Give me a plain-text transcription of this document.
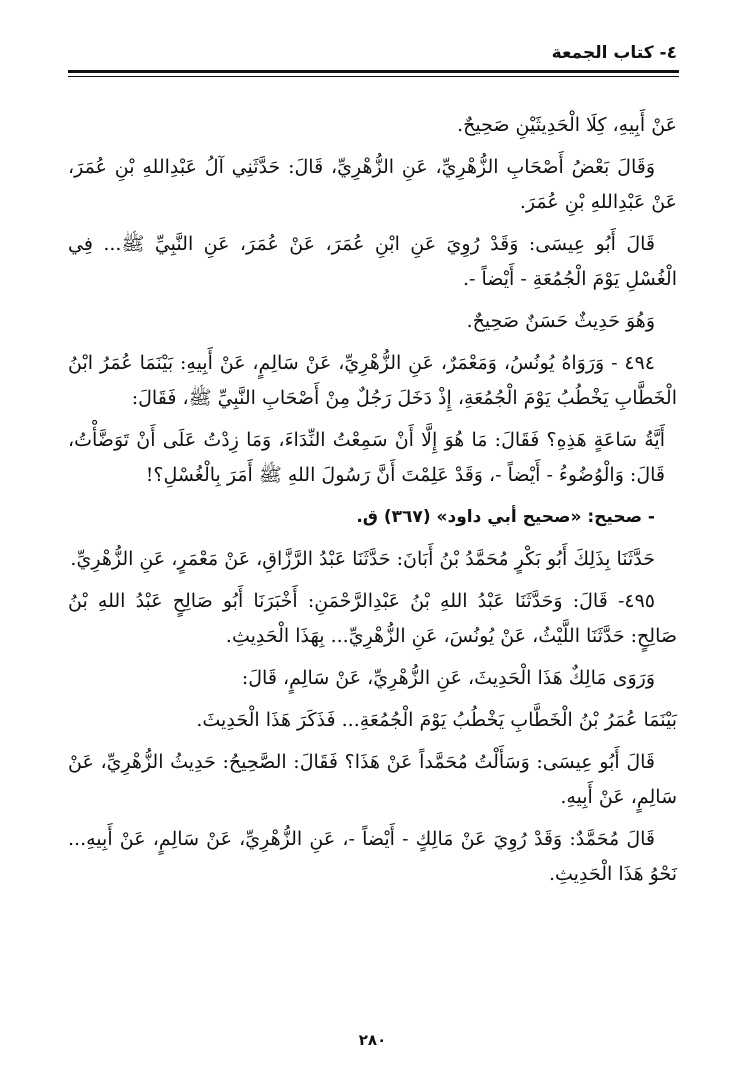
٤- كتاب الجمعة

عَنْ أَبِيهِ، كِلَا الْحَدِيثَيْنِ صَحِيحٌ.

وَقَالَ بَعْضُ أَصْحَابِ الزُّهْرِيِّ، عَنِ الزُّهْرِيِّ، قَالَ: حَدَّثَنِي آلُ عَبْدِاللهِ بْنِ عُمَرَ، عَنْ عَبْدِاللهِ بْنِ عُمَرَ.

قَالَ أَبُو عِيسَى: وَقَدْ رُوِيَ عَنِ ابْنِ عُمَرَ، عَنْ عُمَرَ، عَنِ النَّبِيِّ ﷺ... فِي الْغُسْلِ يَوْمَ الْجُمُعَةِ - أَيْضاً -.

وَهُوَ حَدِيثٌ حَسَنٌ صَحِيحٌ.

٤٩٤ - وَرَوَاهُ يُونُسُ، وَمَعْمَرٌ، عَنِ الزُّهْرِيِّ، عَنْ سَالِمٍ، عَنْ أَبِيهِ: بَيْنَمَا عُمَرُ ابْنُ الْخَطَّابِ يَخْطُبُ يَوْمَ الْجُمُعَةِ، إِذْ دَخَلَ رَجُلٌ مِنْ أَصْحَابِ النَّبِيِّ ﷺ، فَقَالَ:

أَيَّةُ سَاعَةٍ هَذِهِ؟ فَقَالَ: مَا هُوَ إِلَّا أَنْ سَمِعْتُ النِّدَاءَ، وَمَا زِدْتُ عَلَى أَنْ تَوَضَّأْتُ، قَالَ: وَالْوُضُوءُ - أَيْضاً -، وَقَدْ عَلِمْتَ أَنَّ رَسُولَ اللهِ ﷺ أَمَرَ بِالْغُسْلِ؟!

- صحيح: «صحيح أبي داود» (٣٦٧) ق.

حَدَّثَنَا بِذَلِكَ أَبُو بَكْرٍ مُحَمَّدُ بْنُ أَبَانَ: حَدَّثَنَا عَبْدُ الرَّزَّاقِ، عَنْ مَعْمَرٍ، عَنِ الزُّهْرِيِّ.

٤٩٥- قَالَ: وَحَدَّثَنَا عَبْدُ اللهِ بْنُ عَبْدِالرَّحْمَنِ: أَخْبَرَنَا أَبُو صَالِحٍ عَبْدُ اللهِ بْنُ صَالِحٍ: حَدَّثَنَا اللَّيْثُ، عَنْ يُونُسَ، عَنِ الزُّهْرِيِّ... بِهَذَا الْحَدِيثِ.

وَرَوَى مَالِكٌ هَذَا الْحَدِيثَ، عَنِ الزُّهْرِيِّ، عَنْ سَالِمٍ، قَالَ:

بَيْنَمَا عُمَرُ بْنُ الْخَطَّابِ يَخْطُبُ يَوْمَ الْجُمُعَةِ... فَذَكَرَ هَذَا الْحَدِيثَ.

قَالَ أَبُو عِيسَى: وَسَأَلْتُ مُحَمَّداً عَنْ هَذَا؟ فَقَالَ: الصَّحِيحُ: حَدِيثُ الزُّهْرِيِّ، عَنْ سَالِمٍ، عَنْ أَبِيهِ.

قَالَ مُحَمَّدٌ: وَقَدْ رُوِيَ عَنْ مَالِكٍ - أَيْضاً -، عَنِ الزُّهْرِيِّ، عَنْ سَالِمٍ، عَنْ أَبِيهِ... نَحْوُ هَذَا الْحَدِيثِ.

٢٨٠
